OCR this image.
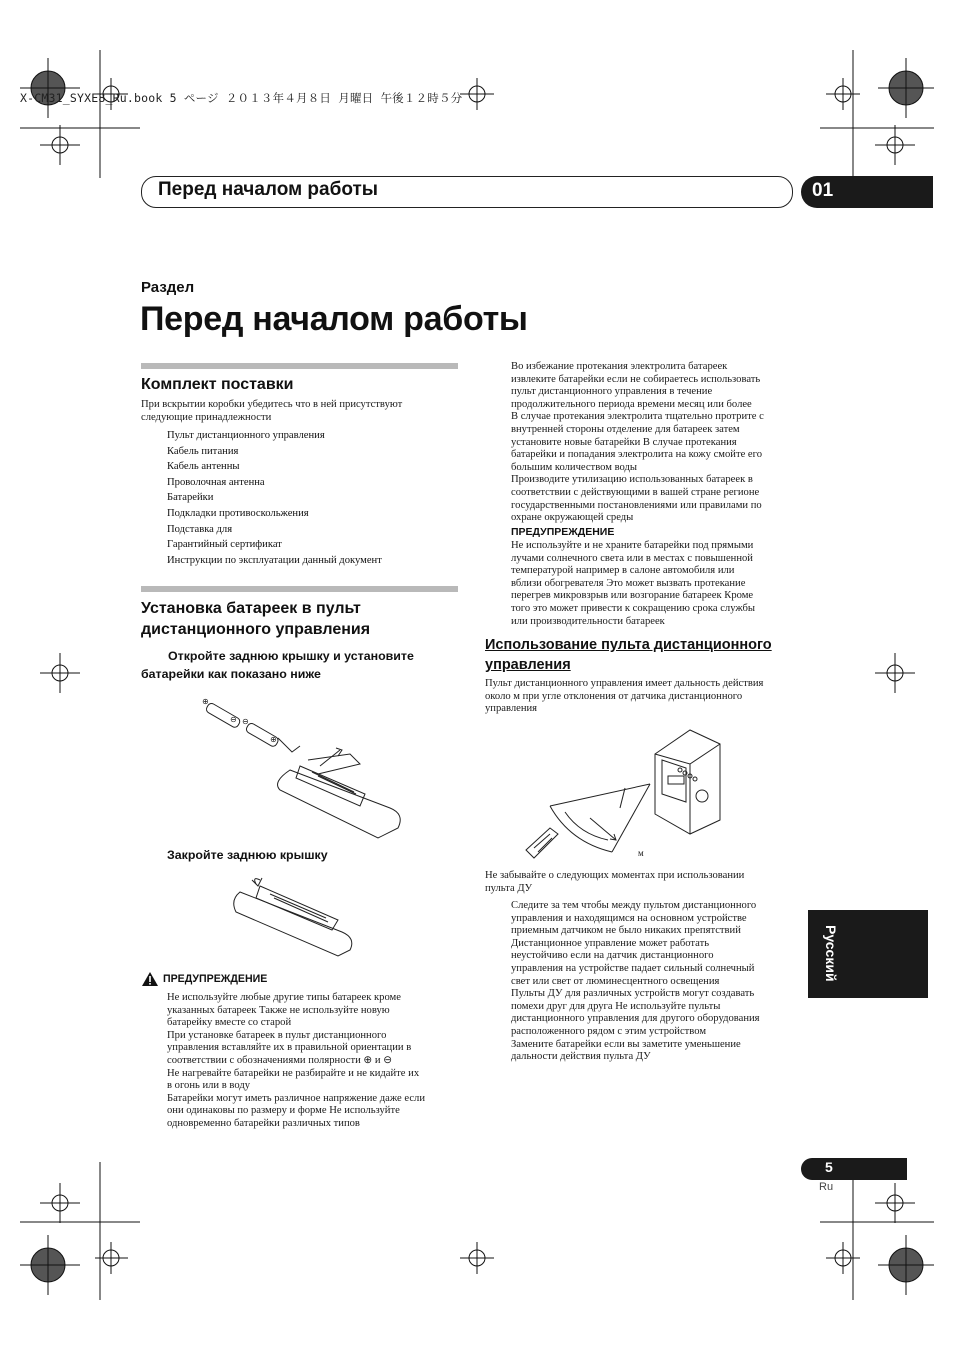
X-CM31_SYXE8_Ru.book 5 ページ ２０１３年４月８日 月曜日 午後１２時５分
Перед началом работы	01
Раздел
Перед началом работы
Комплект поставки
При вскрытии коробки убедитесь что в ней присутствуют
следующие принадлежности
Пульт дистанционного управления
Кабель питания
Кабель антенны
Проволочная антенна
Батарейки
Подкладки противоскольжения
Подставка для
Гарантийный сертификат
Инструкции по эксплуатации данный документ
Установка батареек в пульт
дистанционного управления
Откройте заднюю крышку и установите
батарейки как показано ниже
⊕
⊖ ⊖
⊕
Закройте заднюю крышку
ПРЕДУПРЕЖДЕНИЕ
Не используйте любые другие типы батареек кроме
указанных батареек Также не используйте новую
батарейку вместе со старой
При установке батареек в пульт дистанционного
управления вставляйте их в правильной ориентации в
соответствии с обозначениями полярности ⊕ и ⊖
Не нагревайте батарейки не разбирайте и не кидайте их
в огонь или в воду
Батарейки могут иметь различное напряжение даже если
они одинаковы по размеру и форме Не используйте
одновременно батарейки различных типов
Во избежание протекания электролита батареек
извлеките батарейки если не собираетесь использовать
пульт дистанционного управления в течение
продолжительного периода времени месяц или более
В случае протекания электролита тщательно протрите с
внутренней стороны отделение для батареек затем
установите новые батарейки В случае протекания
батарейки и попадания электролита на кожу смойте его
большим количеством воды
Производите утилизацию использованных батареек в
соответствии с действующими в вашей стране регионе
государственными постановлениями или правилами по
охране окружающей среды
ПРЕДУПРЕЖДЕНИЕ
Не используйте и не храните батарейки под прямыми
лучами солнечного света или в местах с повышенной
температурой например в салоне автомобиля или
вблизи обогревателя Это может вызвать протекание
перегрев микровзрыв или возгорание батареек Кроме
того это может привести к сокращению срока службы
или производительности батареек
Использование пульта дистанционного
управления
Пульт дистанционного управления имеет дальность действия
около м при угле отклонения от датчика дистанционного
управления
м
Не забывайте о следующих моментах при использовании
пульта ДУ
Следите за тем чтобы между пультом дистанционного
управления и находящимся на основном устройстве
приемным датчиком не было никаких препятствий
Дистанционное управление может работать
неустойчиво если на датчик дистанционного
управления на устройстве падает сильный солнечный
свет или свет от люминесцентного освещения
Пульты ДУ для различных устройств могут создавать
помехи друг для друга Не используйте пульты
дистанционного управления для другого оборудования
расположенного рядом с этим устройством
Замените батарейки если вы заметите уменьшение
дальности действия пульта ДУ
Русский
5
Ru
